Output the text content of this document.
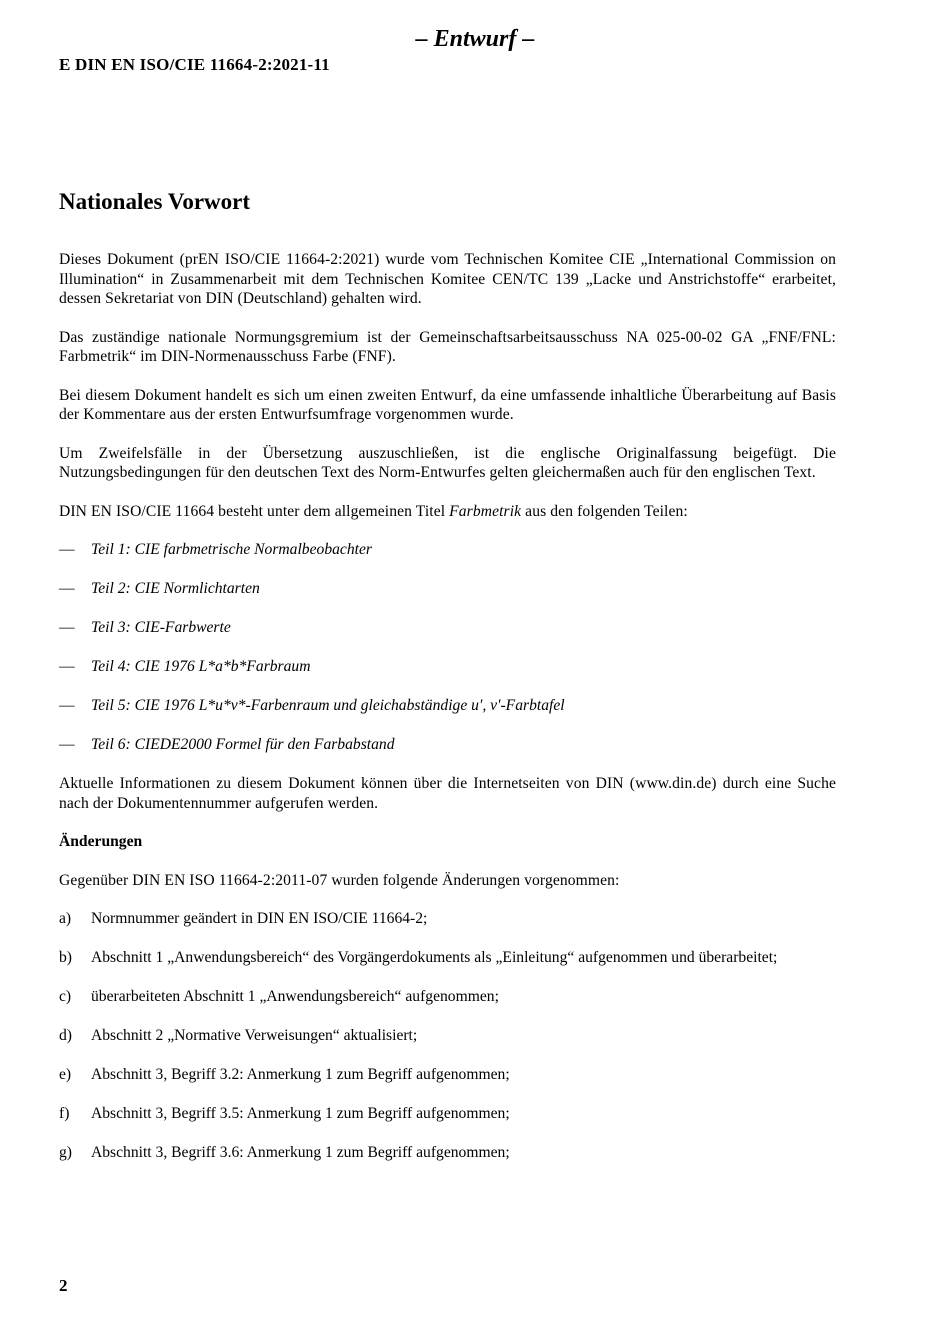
– Entwurf –
E DIN EN ISO/CIE 11664-2:2021-11
Nationales Vorwort

Dieses Dokument (prEN ISO/CIE 11664-2:2021) wurde vom Technischen Komitee CIE „International Commission on Illumination“ in Zusammenarbeit mit dem Technischen Komitee CEN/TC 139 „Lacke und Anstrichstoffe“ erarbeitet, dessen Sekretariat von DIN (Deutschland) gehalten wird.

Das zuständige nationale Normungsgremium ist der Gemeinschaftsarbeitsausschuss NA 025-00-02 GA „FNF/FNL: Farbmetrik“ im DIN-Normenausschuss Farbe (FNF).

Bei diesem Dokument handelt es sich um einen zweiten Entwurf, da eine umfassende inhaltliche Überarbeitung auf Basis der Kommentare aus der ersten Entwurfsumfrage vorgenommen wurde.

Um Zweifelsfälle in der Übersetzung auszuschließen, ist die englische Originalfassung beigefügt. Die Nutzungsbedingungen für den deutschen Text des Norm-Entwurfes gelten gleichermaßen auch für den englischen Text.

DIN EN ISO/CIE 11664 besteht unter dem allgemeinen Titel Farbmetrik aus den folgenden Teilen:

—	Teil 1: CIE farbmetrische Normalbeobachter
—	Teil 2: CIE Normlichtarten
—	Teil 3: CIE-Farbwerte
—	Teil 4: CIE 1976 L*a*b*Farbraum
—	Teil 5: CIE 1976 L*u*v*-Farbenraum und gleichabständige u′, v′-Farbtafel
—	Teil 6: CIEDE2000 Formel für den Farbabstand

Aktuelle Informationen zu diesem Dokument können über die Internetseiten von DIN (www.din.de) durch eine Suche nach der Dokumentennummer aufgerufen werden.

Änderungen

Gegenüber DIN EN ISO 11664-2:2011-07 wurden folgende Änderungen vorgenommen:

a)	Normnummer geändert in DIN EN ISO/CIE 11664-2;
b)	Abschnitt 1 „Anwendungsbereich“ des Vorgängerdokuments als „Einleitung“ aufgenommen und überarbeitet;
c)	überarbeiteten Abschnitt 1 „Anwendungsbereich“ aufgenommen;
d)	Abschnitt 2 „Normative Verweisungen“ aktualisiert;
e)	Abschnitt 3, Begriff 3.2: Anmerkung 1 zum Begriff aufgenommen;
f)	Abschnitt 3, Begriff 3.5: Anmerkung 1 zum Begriff aufgenommen;
g)	Abschnitt 3, Begriff 3.6: Anmerkung 1 zum Begriff aufgenommen;
2
